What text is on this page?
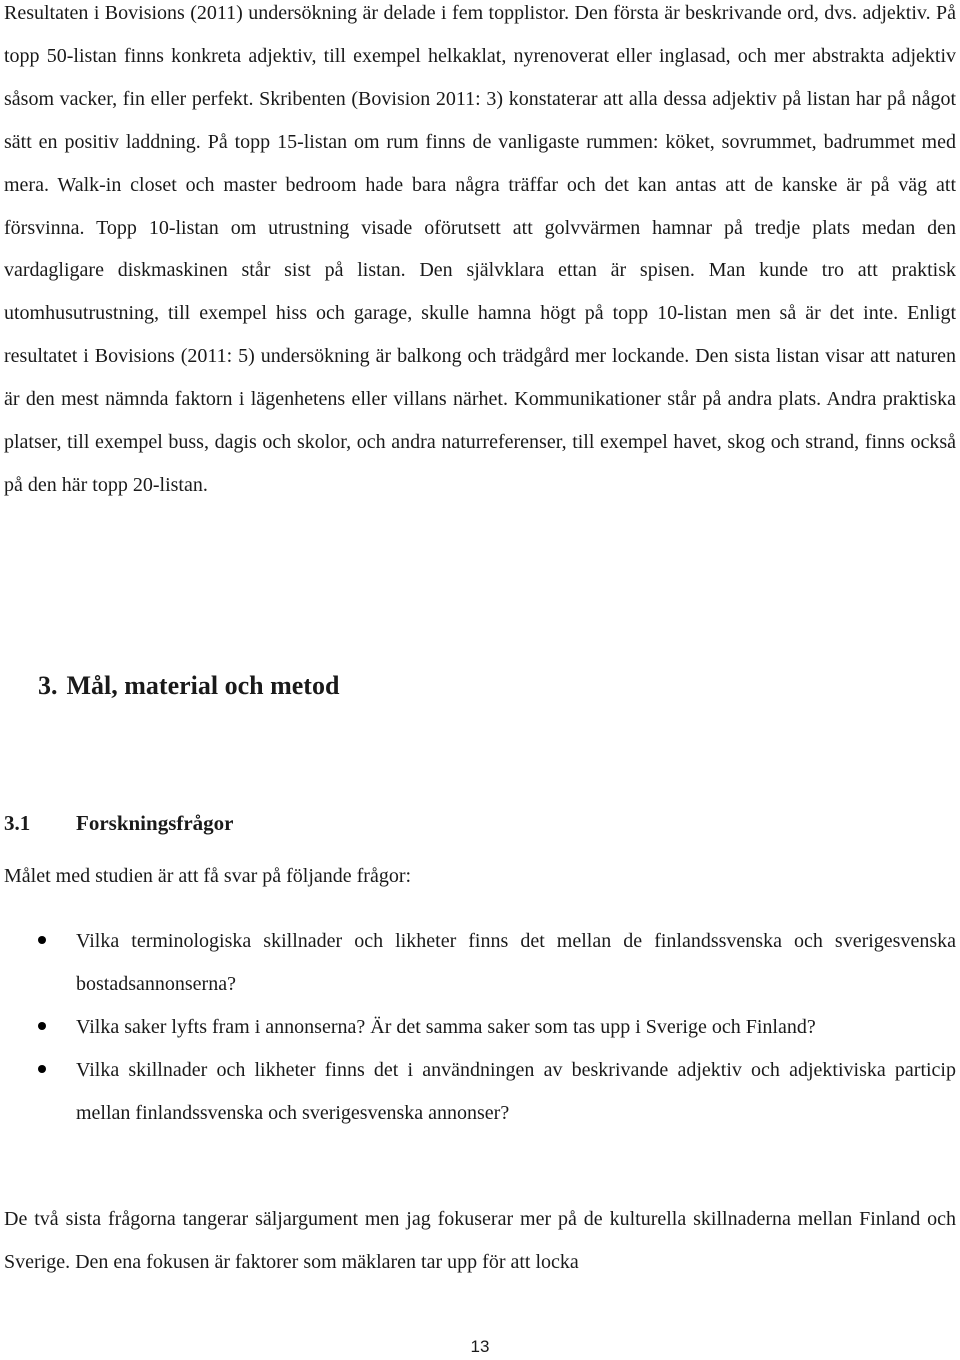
Resultaten i Bovisions (2011) undersökning är delade i fem topplistor. Den första är beskrivande ord, dvs. adjektiv. På topp 50-listan finns konkreta adjektiv, till exempel helkaklat, nyrenoverat eller inglasad, och mer abstrakta adjektiv såsom vacker, fin eller perfekt. Skribenten (Bovision 2011: 3) konstaterar att alla dessa adjektiv på listan har på något sätt en positiv laddning. På topp 15-listan om rum finns de vanligaste rummen: köket, sovrummet, badrummet med mera. Walk-in closet och master bedroom hade bara några träffar och det kan antas att de kanske är på väg att försvinna. Topp 10-listan om utrustning visade oförutsett att golvvärmen hamnar på tredje plats medan den vardagligare diskmaskinen står sist på listan. Den självklara ettan är spisen. Man kunde tro att praktisk utomhusutrustning, till exempel hiss och garage, skulle hamna högt på topp 10-listan men så är det inte. Enligt resultatet i Bovisions (2011: 5) undersökning är balkong och trädgård mer lockande. Den sista listan visar att naturen är den mest nämnda faktorn i lägenhetens eller villans närhet. Kommunikationer står på andra plats. Andra praktiska platser, till exempel buss, dagis och skolor, och andra naturreferenser, till exempel havet, skog och strand, finns också på den här topp 20-listan.

3. Mål, material och metod
3.1 Forskningsfrågor

Målet med studien är att få svar på följande frågor:

Vilka terminologiska skillnader och likheter finns det mellan de finlandssvenska och sverigesvenska bostadsannonserna?
Vilka saker lyfts fram i annonserna? Är det samma saker som tas upp i Sverige och Finland?
Vilka skillnader och likheter finns det i användningen av beskrivande adjektiv och adjektiviska particip mellan finlandssvenska och sverigesvenska annonser?

De två sista frågorna tangerar säljargument men jag fokuserar mer på de kulturella skillnaderna mellan Finland och Sverige. Den ena fokusen är faktorer som mäklaren tar upp för att locka

13
